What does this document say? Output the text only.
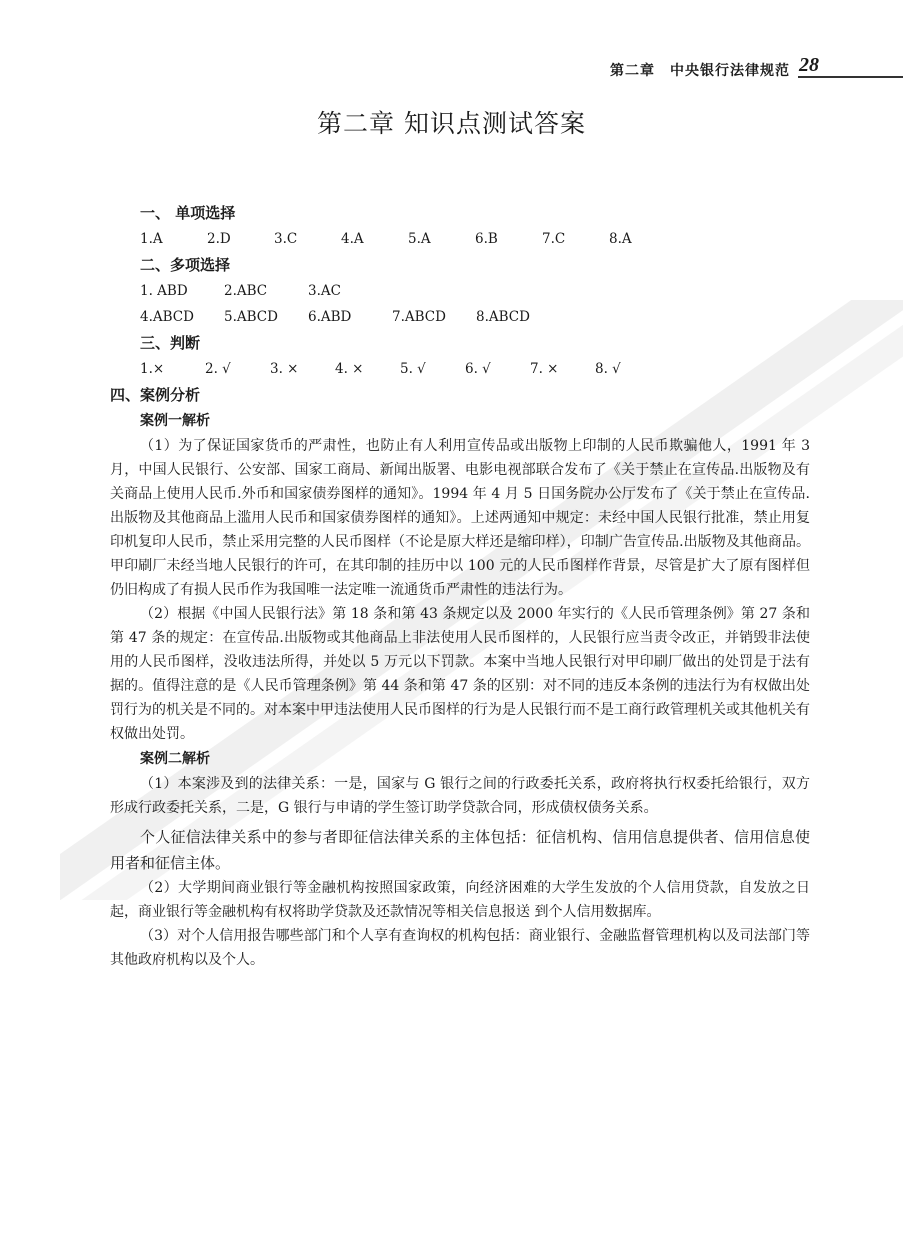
第二章　中央银行法律规范 28
第二章 知识点测试答案
一、 单项选择
1.A	2.D	3.C	4.A	5.A	6.B	7.C	8.A
二、多项选择
1. ABD	2.ABC	3.AC
4.ABCD	5.ABCD	6.ABD	7.ABCD	8.ABCD
三、判断
1.×	2. √	3. ×	4. ×	5. √	6. √	7. ×	8. √
四、案例分析
案例一解析

（1）为了保证国家货币的严肃性，也防止有人利用宣传品或出版物上印制的人民币欺骗他人，1991 年 3 月，中国人民银行、公安部、国家工商局、新闻出版署、电影电视部联合发布了《关于禁止在宣传品.出版物及有关商品上使用人民币.外币和国家债券图样的通知》。1994 年 4 月 5 日国务院办公厅发布了《关于禁止在宣传品.出版物及其他商品上滥用人民币和国家债券图样的通知》。上述两通知中规定：未经中国人民银行批准，禁止用复印机复印人民币，禁止采用完整的人民币图样（不论是原大样还是缩印样），印制广告宣传品.出版物及其他商品。甲印刷厂未经当地人民银行的许可，在其印制的挂历中以 100 元的人民币图样作背景，尽管是扩大了原有图样但仍旧构成了有损人民币作为我国唯一法定唯一流通货币严肃性的违法行为。

（2）根据《中国人民银行法》第 18 条和第 43 条规定以及 2000 年实行的《人民币管理条例》第 27 条和第 47 条的规定：在宣传品.出版物或其他商品上非法使用人民币图样的，人民银行应当责令改正，并销毁非法使用的人民币图样，没收违法所得，并处以 5 万元以下罚款。本案中当地人民银行对甲印刷厂做出的处罚是于法有据的。值得注意的是《人民币管理条例》第 44 条和第 47 条的区别：对不同的违反本条例的违法行为有权做出处罚行为的机关是不同的。对本案中甲违法使用人民币图样的行为是人民银行而不是工商行政管理机关或其他机关有权做出处罚。

案例二解析

（1）本案涉及到的法律关系：一是，国家与 G 银行之间的行政委托关系，政府将执行权委托给银行，双方形成行政委托关系，二是，G 银行与申请的学生签订助学贷款合同，形成债权债务关系。

个人征信法律关系中的参与者即征信法律关系的主体包括：征信机构、信用信息提供者、信用信息使用者和征信主体。

（2）大学期间商业银行等金融机构按照国家政策，向经济困难的大学生发放的个人信用贷款，自发放之日起，商业银行等金融机构有权将助学贷款及还款情况等相关信息报送 到个人信用数据库。

（3）对个人信用报告哪些部门和个人享有查询权的机构包括：商业银行、金融监督管理机构以及司法部门等其他政府机构以及个人。
